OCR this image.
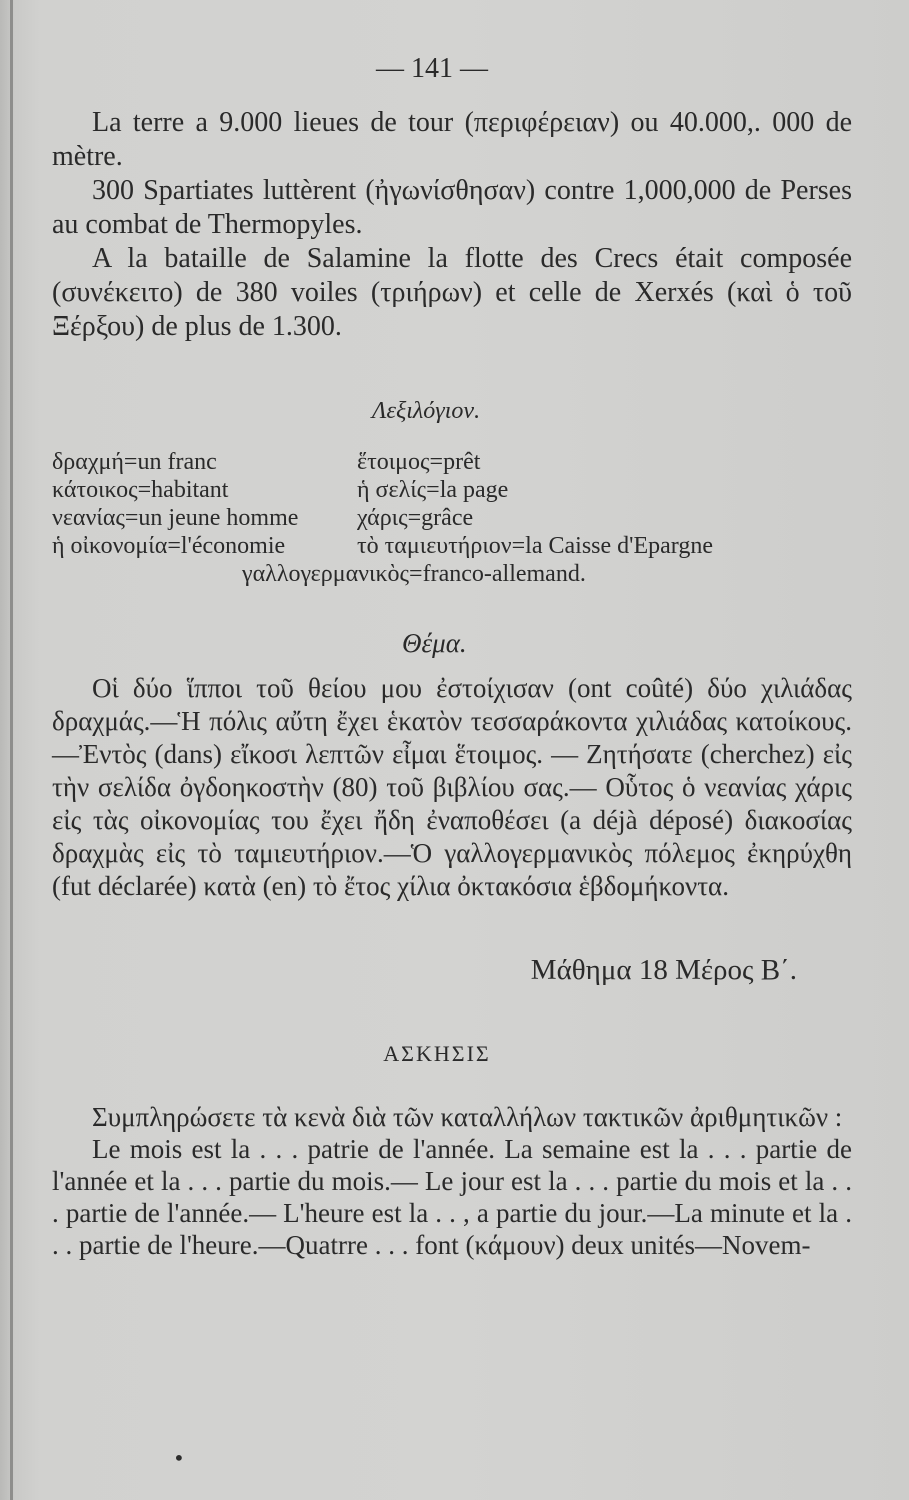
— 141 —

La terre a 9.000 lieues de tour (περιφέρειαν) ou 40.000,. 000 de mètre.

300 Spartiates luttèrent (ἠγωνίσθησαν) contre 1,000,000 de Perses au combat de Thermopyles.

A la bataille de Salamine la flotte des Crecs était composée (συνέκειτο) de 380 voiles (τριήρων) et celle de Xerxés (καὶ ὁ τοῦ Ξέρξου) de plus de 1.300.

Λεξιλόγιον.
δραχμή=un franc	ἕτοιμος=prêt
κάτοικος=habitant	ἡ σελίς=la page
νεανίας=un jeune homme	χάρις=grâce
ἡ οἰκονομία=l'économie	τὸ ταμιευτήριον=la Caisse d'Epargne
γαλλογερμανικὸς=franco-allemand.
Θέμα.

Οἱ δύο ἵπποι τοῦ θείου μου ἐστοίχισαν (ont coûté) δύο χιλιάδας δραχμάς.—Ἡ πόλις αὔτη ἔχει ἑκατὸν τεσσαράκοντα χιλιάδας κατοίκους.—Ἐντὸς (dans) εἴκοσι λεπτῶν εἶμαι ἕτοιμος. — Ζητήσατε (cherchez) εἰς τὴν σελίδα ὀγδοηκοστὴν (80) τοῦ βιβλίου σας.— Οὗτος ὁ νεανίας χάρις εἰς τὰς οἰκονομίας του ἔχει ἤδη ἐναποθέσει (a déjà déposé) διακοσίας δραχμὰς εἰς τὸ ταμιευτήριον.—Ὁ γαλλογερμανικὸς πόλεμος ἐκηρύχθη (fut déclarée) κατὰ (en) τὸ ἔτος χίλια ὀκτακόσια ἑβδομήκοντα.

Μάθημα 18 Μέρος Β΄.
ΑΣΚΗΣΙΣ

Συμπληρώσετε τὰ κενὰ διὰ τῶν καταλλήλων τακτικῶν ἀριθμητικῶν :

Le mois est la . . . patrie de l'année. La semaine est la . . . partie de l'année et la . . . partie du mois.— Le jour est la . . . partie du mois et la . . . partie de l'année.— L'heure est la . . , a partie du jour.—La minute et la . . . partie de l'heure.—Quatrre . . . font (κάμουν) deux unités—Novem-

•
